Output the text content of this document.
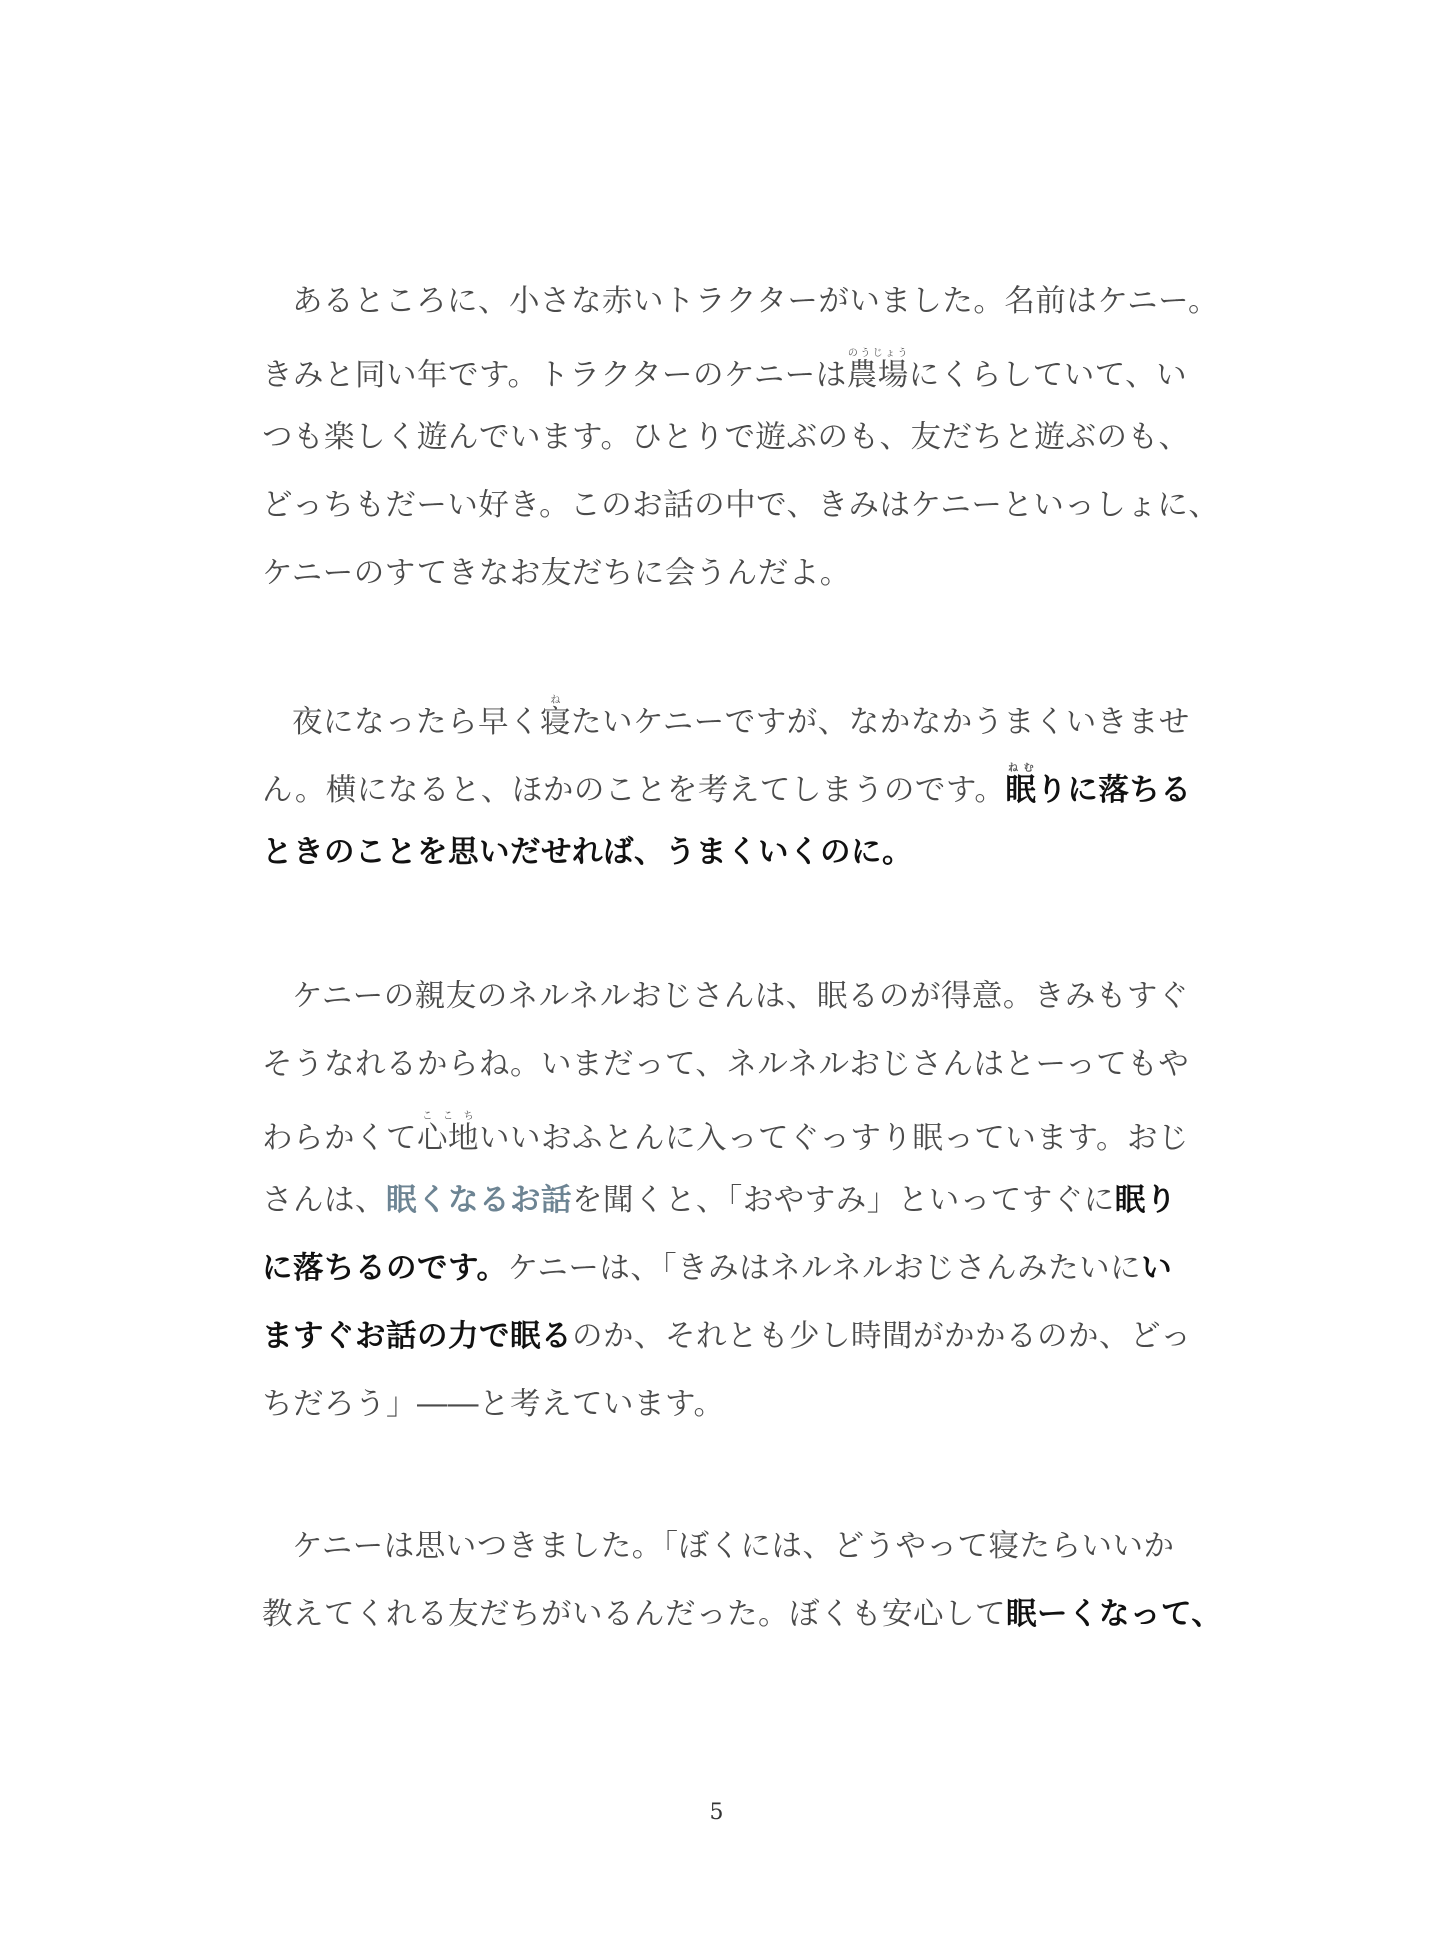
あるところに、小さな赤いトラクターがいました。名前はケニー。
きみと同い年です。トラクターのケニーは農場のうじょうにくらしていて、い
つも楽しく遊んでいます。ひとりで遊ぶのも、友だちと遊ぶのも、
どっちもだーい好き。このお話の中で、きみはケニーといっしょに、
ケニーのすてきなお友だちに会うんだよ。
夜になったら早く寝ねたいケニーですが、なかなかうまくいきませ
ん。横になると、ほかのことを考えてしまうのです。眠ねむりに落ちる
ときのことを思いだせれば、うまくいくのに。
ケニーの親友のネルネルおじさんは、眠るのが得意。きみもすぐ
そうなれるからね。いまだって、ネルネルおじさんはとーってもや
わらかくて心地ここちいいおふとんに入ってぐっすり眠っています。おじ
さんは、眠くなるお話を聞くと、「おやすみ」といってすぐに眠り
に落ちるのです。ケニーは、「きみはネルネルおじさんみたいにい
ますぐお話の力で眠るのか、それとも少し時間がかかるのか、どっ
ちだろう」――と考えています。
ケニーは思いつきました。「ぼくには、どうやって寝たらいいか
教えてくれる友だちがいるんだった。ぼくも安心して眠ーくなって、
5
